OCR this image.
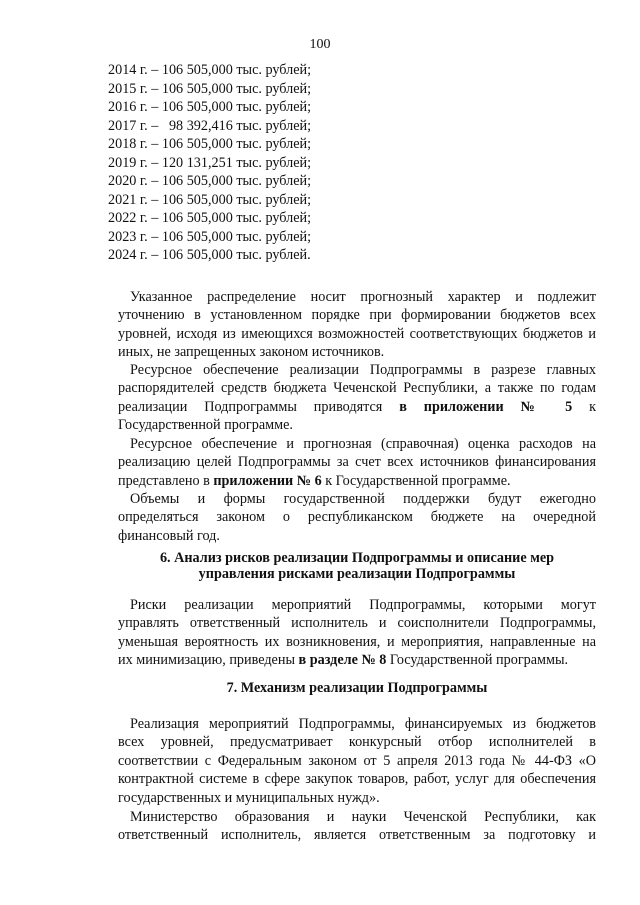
100
2014 г. – 106 505,000 тыс. рублей;
2015 г. – 106 505,000 тыс. рублей;
2016 г. – 106 505,000 тыс. рублей;
2017 г. –   98 392,416 тыс. рублей;
2018 г. – 106 505,000 тыс. рублей;
2019 г. – 120 131,251 тыс. рублей;
2020 г. – 106 505,000 тыс. рублей;
2021 г. – 106 505,000 тыс. рублей;
2022 г. – 106 505,000 тыс. рублей;
2023 г. – 106 505,000 тыс. рублей;
2024 г. – 106 505,000 тыс. рублей.
Указанное распределение носит прогнозный характер и подлежит
уточнению в установленном порядке при формировании бюджетов всех
уровней, исходя из имеющихся возможностей соответствующих бюджетов и
иных, не запрещенных законом источников.
Ресурсное обеспечение реализации Подпрограммы в разрезе главных
распорядителей средств бюджета Чеченской Республики, а также по годам
реализации Подпрограммы приводятся в приложении № 5 к
Государственной программе.
Ресурсное обеспечение и прогнозная (справочная) оценка расходов на
реализацию целей Подпрограммы за счет всех источников финансирования
представлено в приложении № 6 к Государственной программе.
Объемы и формы государственной поддержки будут ежегодно
определяться законом о республиканском бюджете на очередной
финансовый год.
6. Анализ рисков реализации Подпрограммы и описание мер
управления рисками реализации Подпрограммы
Риски реализации мероприятий Подпрограммы, которыми могут
управлять ответственный исполнитель и соисполнители Подпрограммы,
уменьшая вероятность их возникновения, и мероприятия, направленные на
их минимизацию, приведены в разделе № 8 Государственной программы.
7. Механизм реализации Подпрограммы
Реализация мероприятий Подпрограммы, финансируемых из бюджетов
всех уровней, предусматривает конкурсный отбор исполнителей в
соответствии с Федеральным законом от 5 апреля 2013 года № 44-ФЗ «О
контрактной системе в сфере закупок товаров, работ, услуг для обеспечения
государственных и муниципальных нужд».
Министерство образования и науки Чеченской Республики, как
ответственный исполнитель, является ответственным за подготовку и
